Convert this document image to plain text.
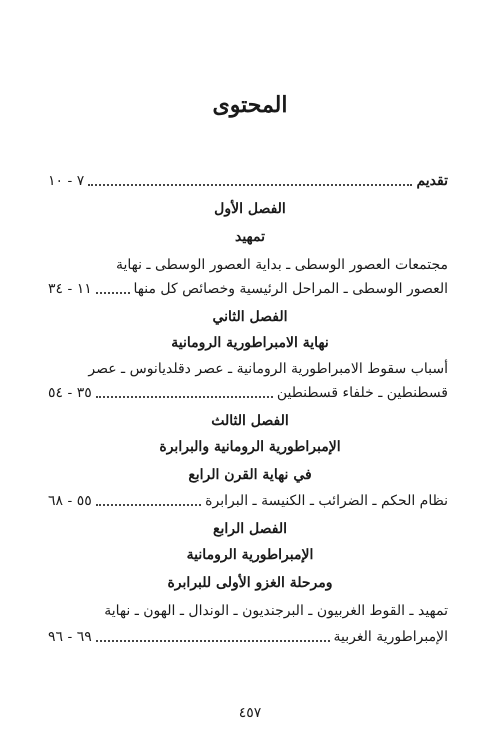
المحتوى
تقديم
٧ - ١٠
الفصل الأول
تمهيد
مجتمعات العصور الوسطى ـ بداية العصور الوسطى ـ نهاية
العصور الوسطى ـ المراحل الرئيسية وخصائص كل منها
١١ - ٣٤
الفصل الثاني
نهاية الامبراطورية الرومانية
أسباب سقوط الامبراطورية الرومانية ـ عصر دقلديانوس ـ عصر
قسطنطين ـ خلفاء قسطنطين
٣٥ - ٥٤
الفصل الثالث
الإمبراطورية الرومانية والبرابرة
في نهاية القرن الرابع
نظام الحكم ـ الضرائب ـ الكنيسة ـ البرابرة
٥٥ - ٦٨
الفصل الرابع
الإمبراطورية الرومانية
ومرحلة الغزو الأولى للبرابرة
تمهيد ـ القوط الغربيون ـ البرجنديون ـ الوندال ـ الهون ـ نهاية
الإمبراطورية الغربية
٦٩ - ٩٦
٤٥٧
